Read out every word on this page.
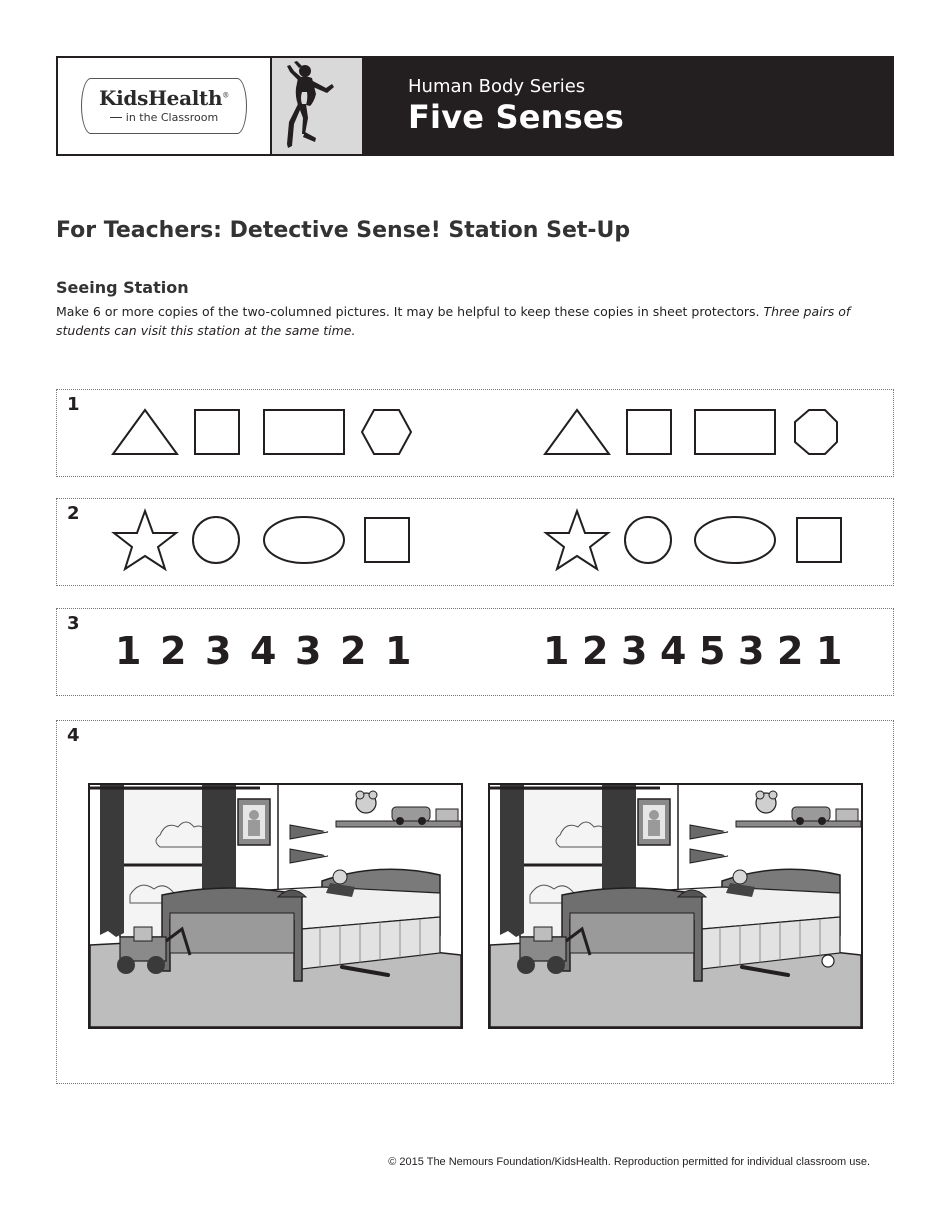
KidsHealth®
in the Classroom
Human Body Series
Five Senses
For Teachers: Detective Sense! Station Set-Up
Seeing Station
Make 6 or more copies of the two-columned pictures. It may be helpful to keep these copies in sheet protectors. Three pairs of students can visit this station at the same time.
1
2
3
1 2 3 4 3 2 1	1 2 3 4 5 3 2 1
4
STATE
CITY
STATE
CITY
© 2015 The Nemours Foundation/KidsHealth. Reproduction permitted for individual classroom use.
